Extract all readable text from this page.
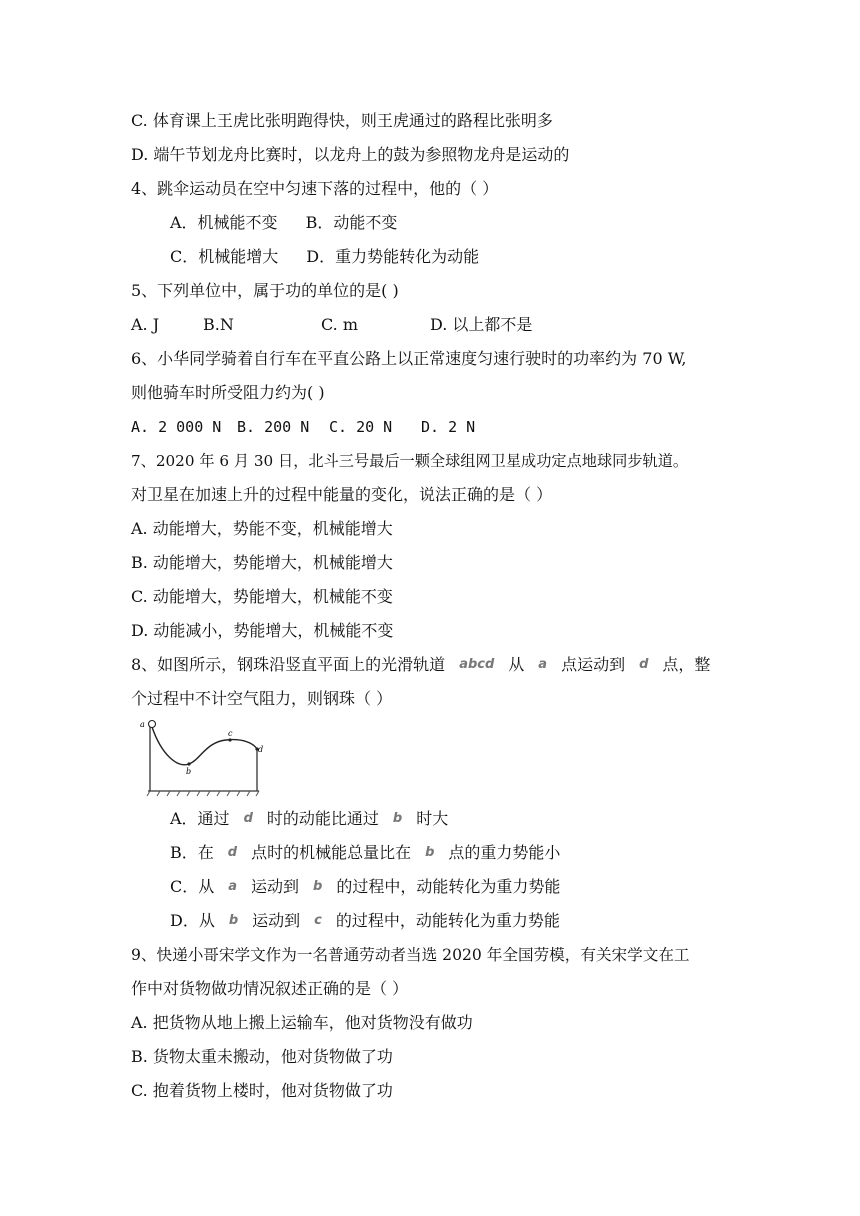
C. 体育课上王虎比张明跑得快，则王虎通过的路程比张明多
D. 端午节划龙舟比赛时，以龙舟上的鼓为参照物龙舟是运动的
4、跳伞运动员在空中匀速下落的过程中，他的（ ）
A．机械能不变 B．动能不变
C．机械能增大 D．重力势能转化为动能
5、下列单位中，属于功的单位的是( )
A. J	B.N	C. m	D. 以上都不是
6、小华同学骑着自行车在平直公路上以正常速度匀速行驶时的功率约为 70 W,
则他骑车时所受阻力约为( )
A. 2 000 N B. 200 N C. 20 N D. 2 N
7、2020 年 6 月 30 日，北斗三号最后一颗全球组网卫星成功定点地球同步轨道。
对卫星在加速上升的过程中能量的变化，说法正确的是（ ）
A. 动能增大，势能不变，机械能增大
B. 动能增大，势能增大，机械能增大
C. 动能增大，势能增大，机械能不变
D. 动能减小，势能增大，机械能不变
8、如图所示，钢珠沿竖直平面上的光滑轨道 abcd 从 a 点运动到 d 点，整
个过程中不计空气阻力，则钢珠（ ）
a
b
c
d
A．通过 d 时的动能比通过 b 时大
B．在 d 点时的机械能总量比在 b 点的重力势能小
C．从 a 运动到 b 的过程中，动能转化为重力势能
D．从 b 运动到 c 的过程中，动能转化为重力势能
9、快递小哥宋学文作为一名普通劳动者当选 2020 年全国劳模，有关宋学文在工
作中对货物做功情况叙述正确的是（ ）
A. 把货物从地上搬上运输车，他对货物没有做功
B. 货物太重未搬动，他对货物做了功
C. 抱着货物上楼时，他对货物做了功
